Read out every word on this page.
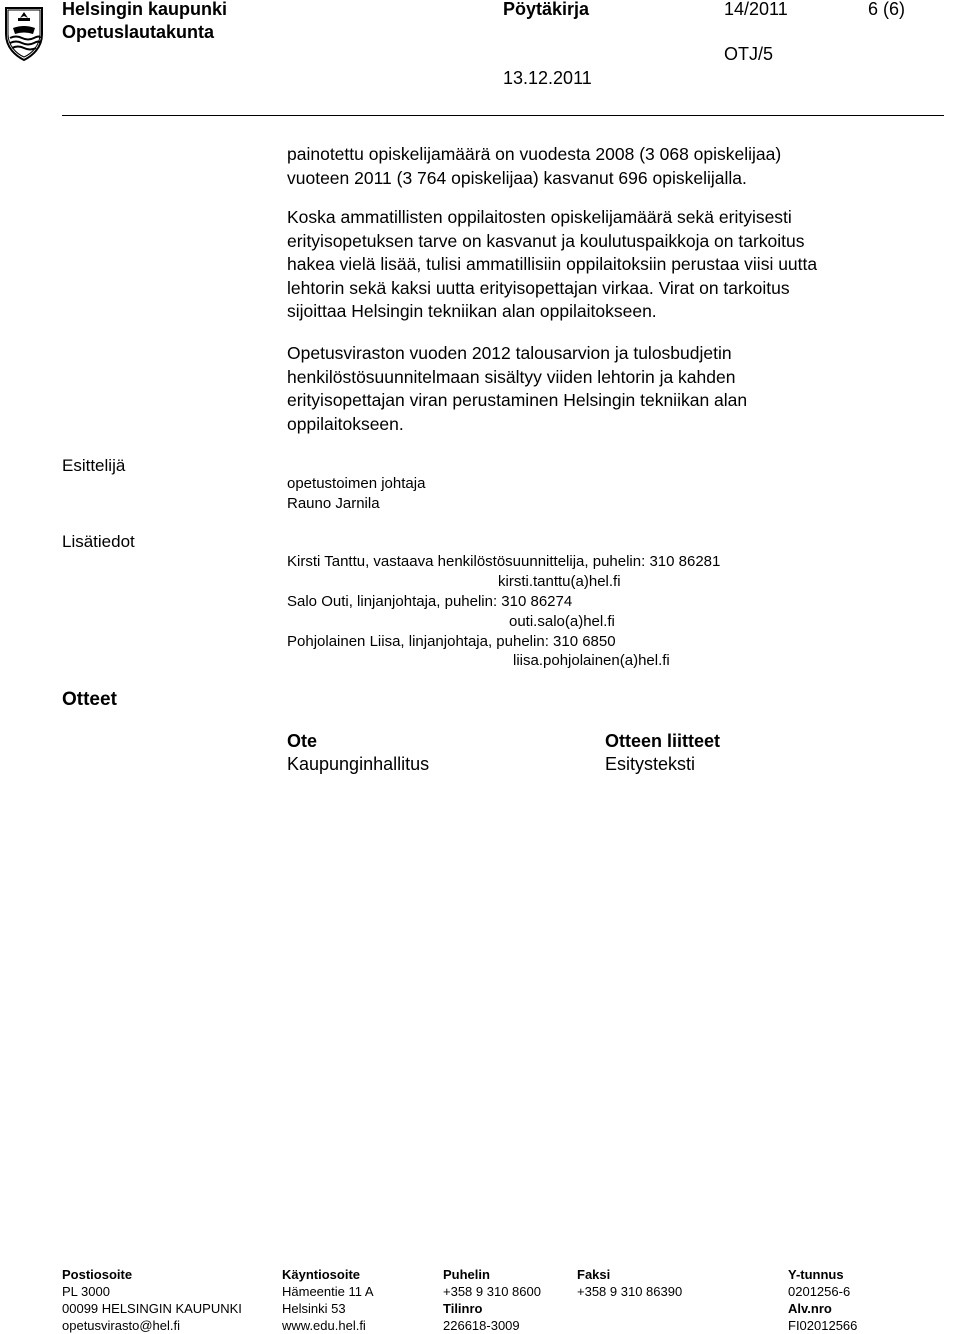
Helsingin kaupunki
Opetuslautakunta
Pöytäkirja	14/2011	6 (6)
OTJ/5
13.12.2011
painotettu opiskelijamäärä on vuodesta 2008 (3 068 opiskelijaa)
vuoteen 2011 (3 764 opiskelijaa) kasvanut 696 opiskelijalla.
Koska ammatillisten oppilaitosten opiskelijamäärä sekä erityisesti
erityisopetuksen tarve on kasvanut ja koulutuspaikkoja on tarkoitus
hakea vielä lisää, tulisi ammatillisiin oppilaitoksiin perustaa viisi uutta
lehtorin sekä kaksi uutta erityisopettajan virkaa. Virat on tarkoitus
sijoittaa Helsingin tekniikan alan oppilaitokseen.
Opetusviraston vuoden 2012 talousarvion ja tulosbudjetin
henkilöstösuunnitelmaan sisältyy viiden lehtorin ja kahden
erityisopettajan viran perustaminen Helsingin tekniikan alan
oppilaitokseen.
Esittelijä
opetustoimen johtaja
Rauno Jarnila
Lisätiedot
Kirsti Tanttu, vastaava henkilöstösuunnittelija, puhelin: 310 86281
kirsti.tanttu(a)hel.fi
Salo Outi, linjanjohtaja, puhelin: 310 86274
outi.salo(a)hel.fi
Pohjolainen Liisa, linjanjohtaja, puhelin: 310 6850
liisa.pohjolainen(a)hel.fi
Otteet
Ote
Kaupunginhallitus
Otteen liitteet
Esitysteksti
Postiosoite
PL 3000
00099 HELSINGIN KAUPUNKI
opetusvirasto@hel.fi
Käyntiosoite
Hämeentie 11 A
Helsinki 53
www.edu.hel.fi
Puhelin
+358 9 310 8600
Tilinro
226618-3009
Faksi
+358 9 310 86390
Y-tunnus
0201256-6
Alv.nro
FI02012566
